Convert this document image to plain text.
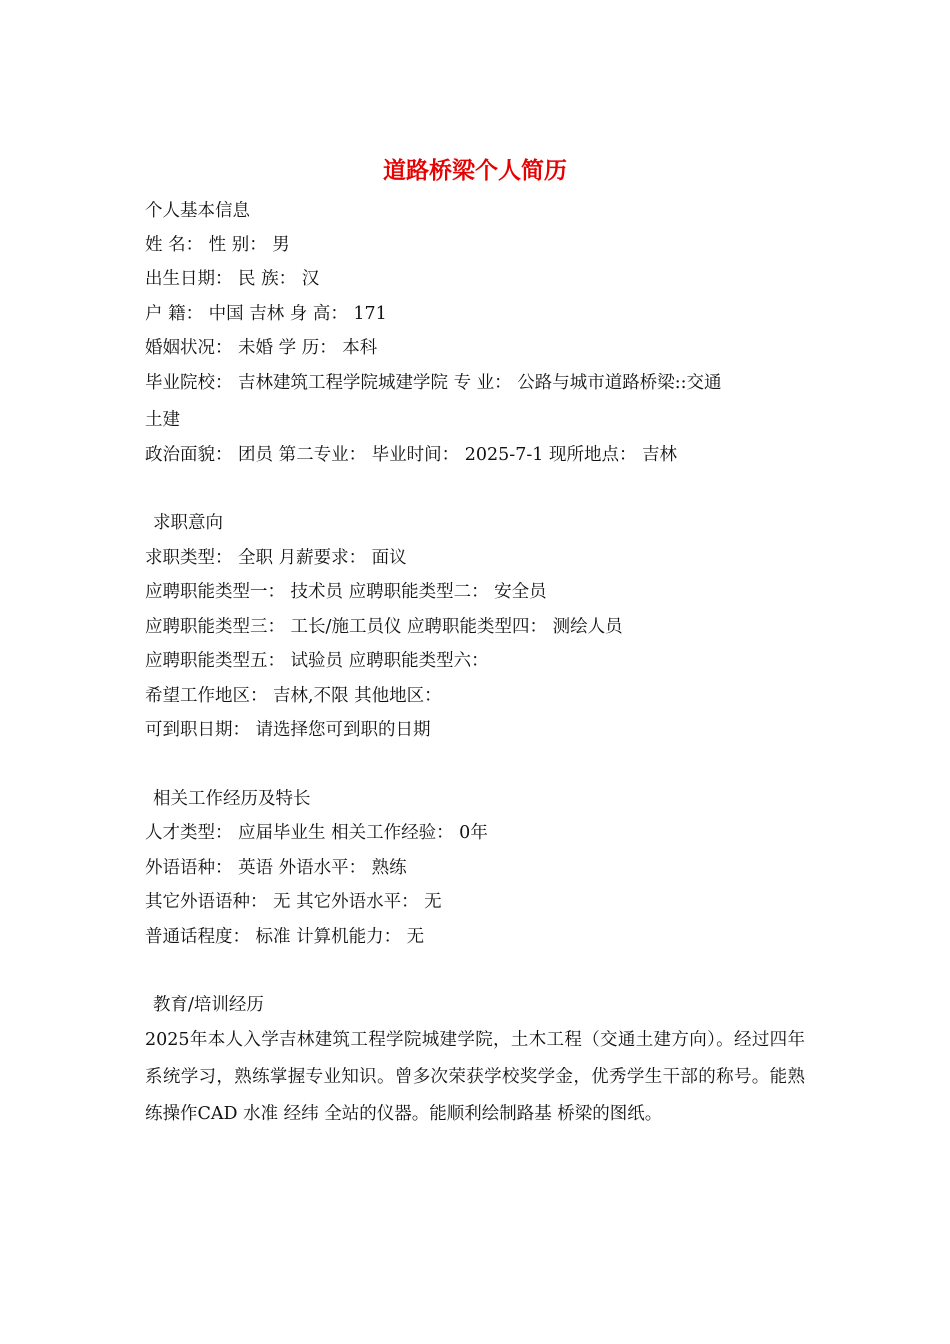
道路桥梁个人简历
个人基本信息
姓 名： 性 别： 男
出生日期： 民 族： 汉
户 籍： 中国 吉林 身 高： 171
婚姻状况： 未婚 学 历： 本科
毕业院校： 吉林建筑工程学院城建学院 专 业： 公路与城市道路桥梁::交通
土建
政治面貌： 团员 第二专业： 毕业时间： 2025-7-1 现所地点： 吉林
求职意向
求职类型： 全职 月薪要求： 面议
应聘职能类型一： 技术员 应聘职能类型二： 安全员
应聘职能类型三： 工长/施工员仪 应聘职能类型四： 测绘人员
应聘职能类型五： 试验员 应聘职能类型六：
希望工作地区： 吉林,不限 其他地区：
可到职日期： 请选择您可到职的日期
相关工作经历及特长
人才类型： 应届毕业生 相关工作经验： 0年
外语语种： 英语 外语水平： 熟练
其它外语语种： 无 其它外语水平： 无
普通话程度： 标准 计算机能力： 无
教育/培训经历
2025年本人入学吉林建筑工程学院城建学院，土木工程（交通土建方向）。经过四年系统学习，熟练掌握专业知识。曾多次荣获学校奖学金，优秀学生干部的称号。能熟练操作CAD 水准 经纬 全站的仪器。能顺利绘制路基 桥梁的图纸。
